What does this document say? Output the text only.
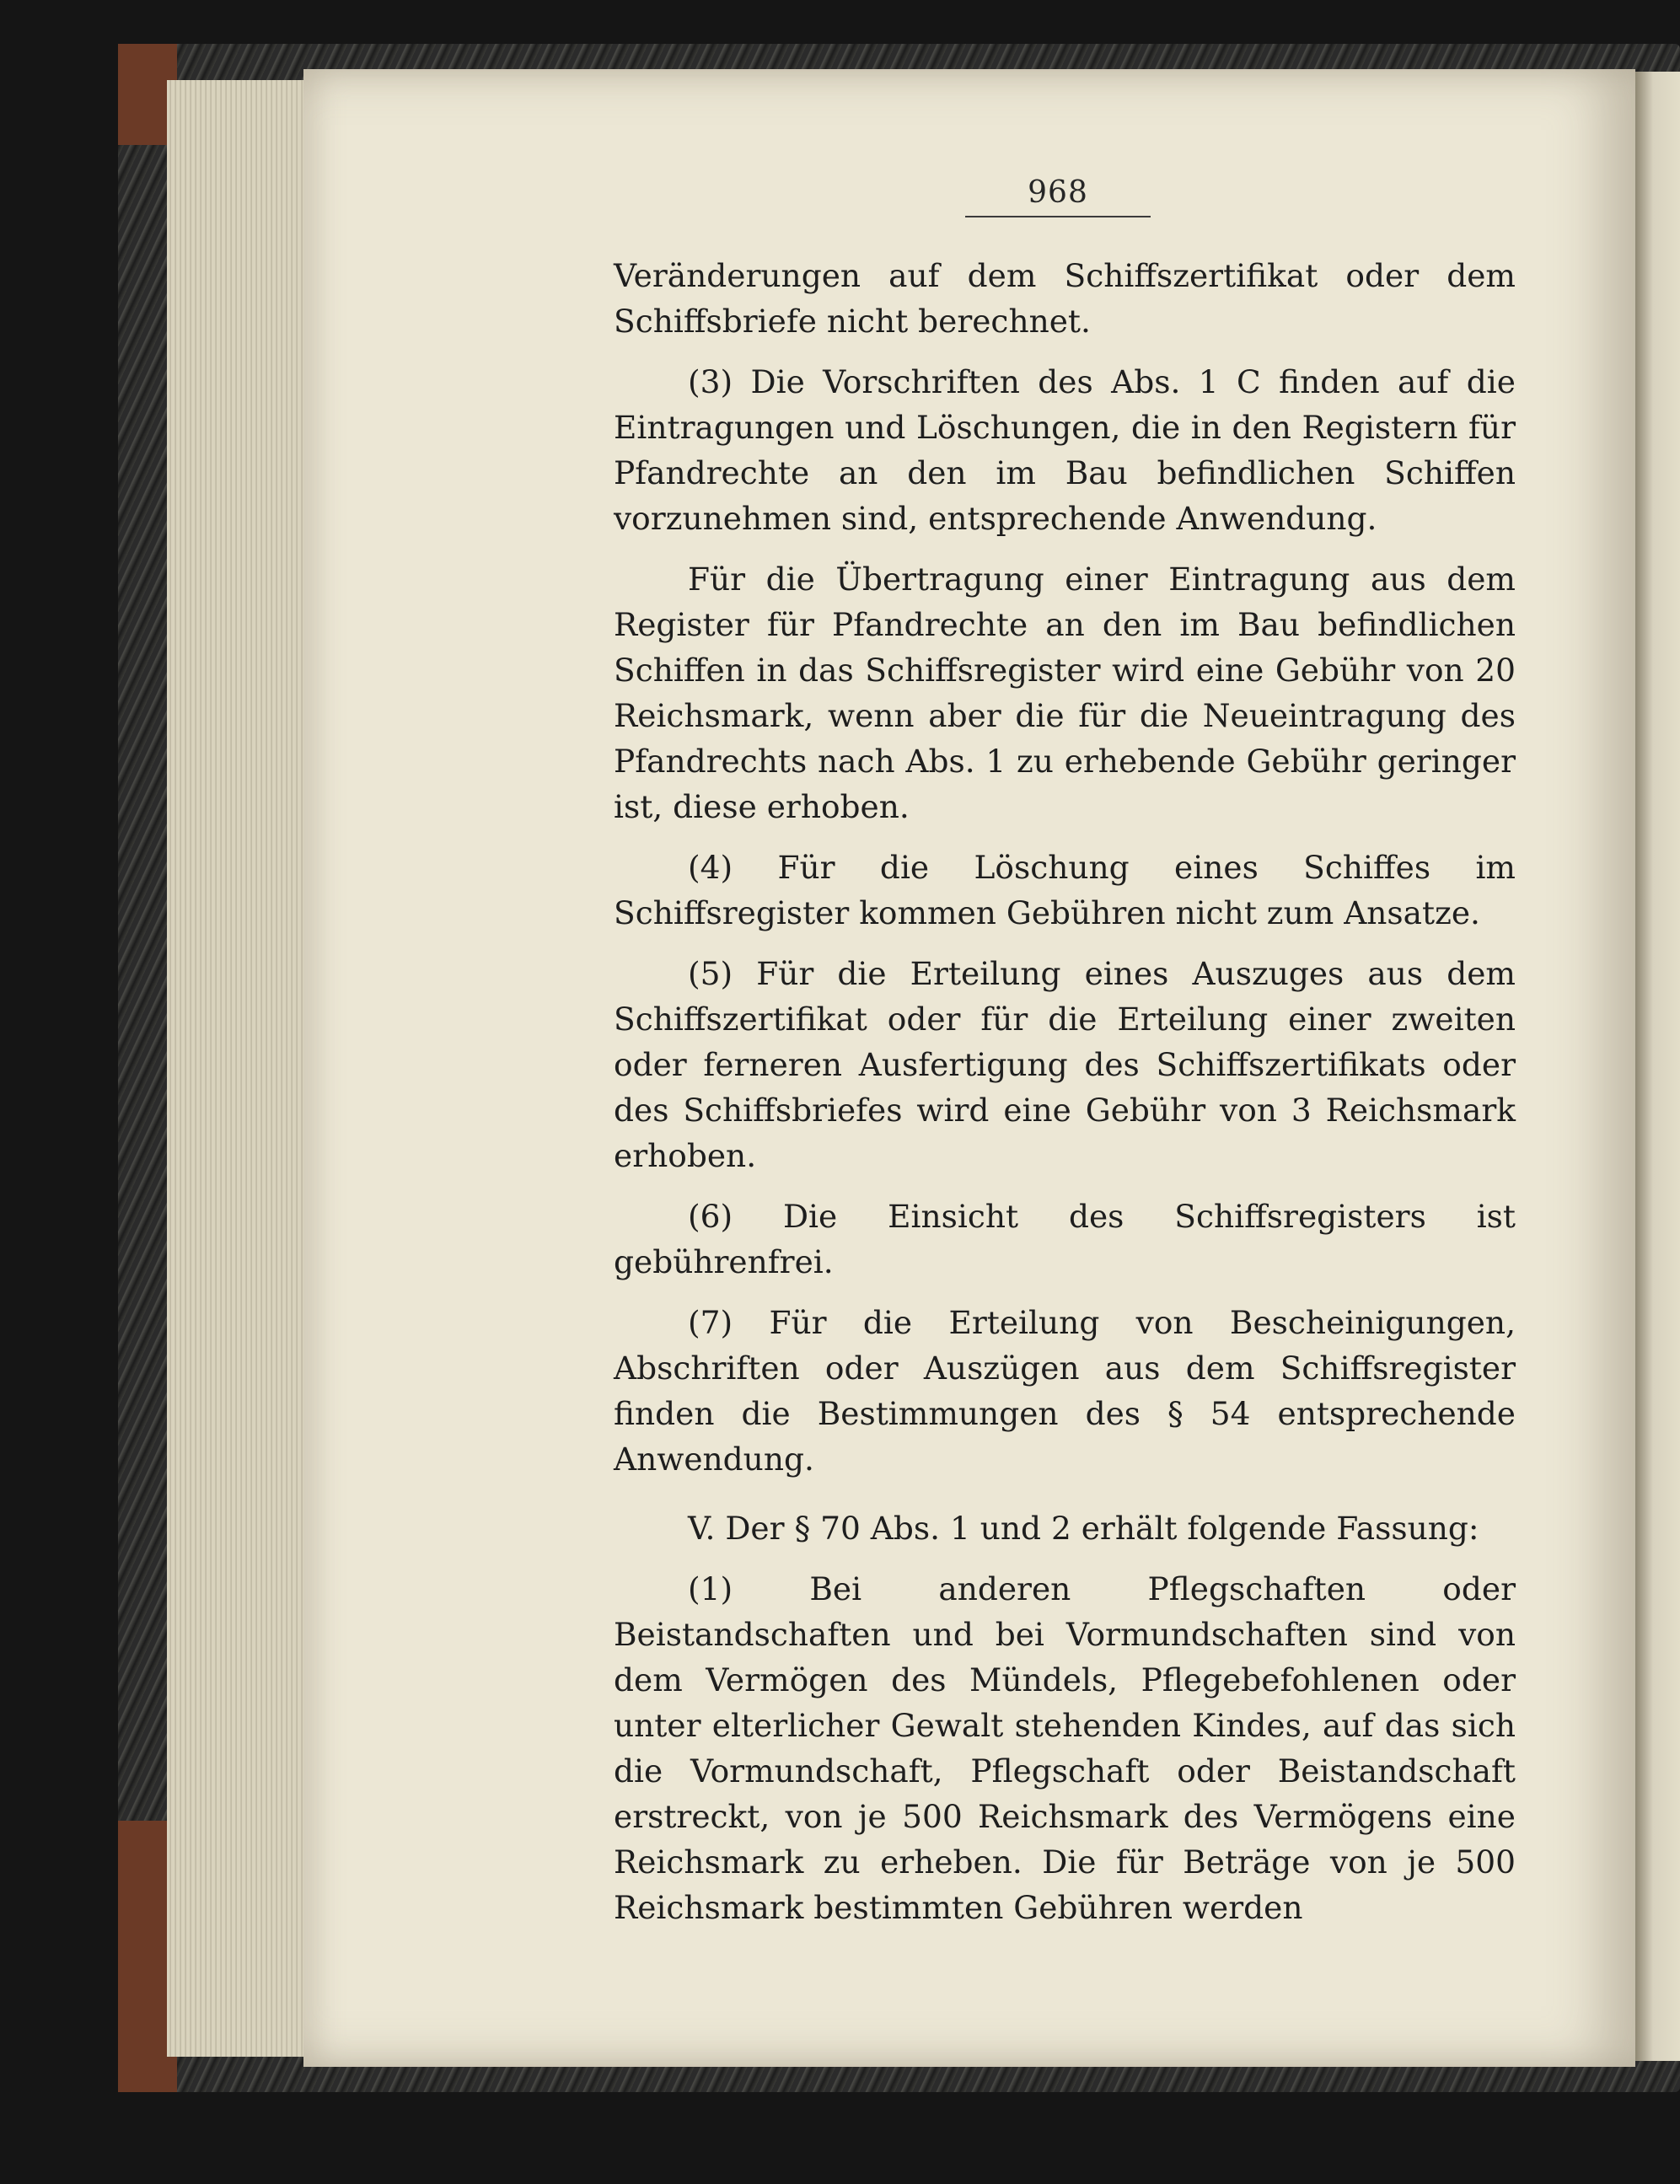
968

Veränderungen auf dem Schiffszertifikat oder dem Schiffsbriefe nicht berechnet.

(3) Die Vorschriften des Abs. 1 C finden auf die Eintragungen und Löschungen, die in den Registern für Pfandrechte an den im Bau befindlichen Schiffen vorzunehmen sind, entsprechende Anwendung.

Für die Übertragung einer Eintragung aus dem Register für Pfandrechte an den im Bau befindlichen Schiffen in das Schiffsregister wird eine Gebühr von 20 Reichsmark, wenn aber die für die Neueintragung des Pfandrechts nach Abs. 1 zu erhebende Gebühr geringer ist, diese erhoben.

(4) Für die Löschung eines Schiffes im Schiffsregister kommen Gebühren nicht zum Ansatze.

(5) Für die Erteilung eines Auszuges aus dem Schiffszertifikat oder für die Erteilung einer zweiten oder ferneren Ausfertigung des Schiffszertifikats oder des Schiffsbriefes wird eine Gebühr von 3 Reichsmark erhoben.

(6) Die Einsicht des Schiffsregisters ist gebührenfrei.

(7) Für die Erteilung von Bescheinigungen, Abschriften oder Auszügen aus dem Schiffsregister finden die Bestimmungen des § 54 entsprechende Anwendung.

V. Der § 70 Abs. 1 und 2 erhält folgende Fassung:

(1) Bei anderen Pflegschaften oder Beistandschaften und bei Vormundschaften sind von dem Vermögen des Mündels, Pflegebefohlenen oder unter elterlicher Gewalt stehenden Kindes, auf das sich die Vormundschaft, Pflegschaft oder Beistandschaft erstreckt, von je 500 Reichsmark des Vermögens eine Reichsmark zu erheben. Die für Beträge von je 500 Reichsmark bestimmten Gebühren werden
